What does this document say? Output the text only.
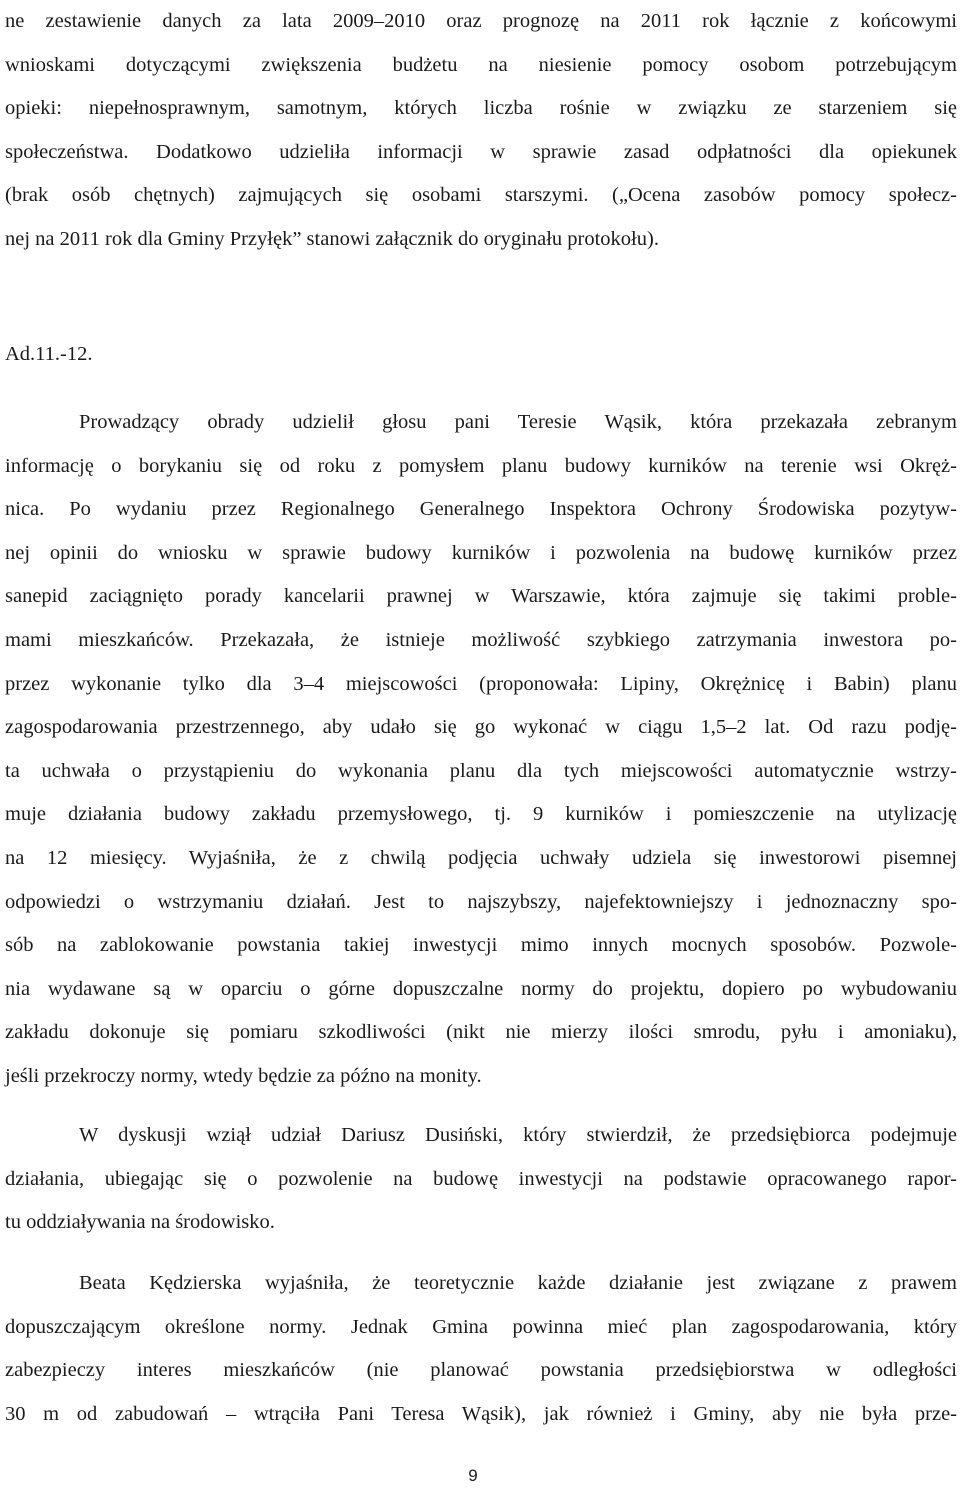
ne zestawienie danych za lata 2009–2010 oraz prognozę na 2011 rok łącznie z końcowymi
wnioskami dotyczącymi zwiększenia budżetu na niesienie pomocy osobom potrzebującym
opieki: niepełnosprawnym, samotnym, których liczba rośnie w związku ze starzeniem się
społeczeństwa. Dodatkowo udzieliła informacji w sprawie zasad odpłatności dla opiekunek
(brak osób chętnych) zajmujących się osobami starszymi. („Ocena zasobów pomocy społecz-
nej na 2011 rok dla Gminy Przyłęk” stanowi załącznik do oryginału protokołu).
Ad.11.-12.
Prowadzący obrady udzielił głosu pani Teresie Wąsik, która przekazała zebranym
informację o borykaniu się od roku z pomysłem planu budowy kurników na terenie wsi Okręż-
nica. Po wydaniu przez Regionalnego Generalnego Inspektora Ochrony Środowiska pozytyw-
nej opinii do wniosku w sprawie budowy kurników i pozwolenia na budowę kurników przez
sanepid zaciągnięto porady kancelarii prawnej w Warszawie, która zajmuje się takimi proble-
mami mieszkańców. Przekazała, że istnieje możliwość szybkiego zatrzymania inwestora po-
przez wykonanie tylko dla 3–4 miejscowości (proponowała: Lipiny, Okrężnicę i Babin) planu
zagospodarowania przestrzennego, aby udało się go wykonać w ciągu 1,5–2 lat. Od razu podję-
ta uchwała o przystąpieniu do wykonania planu dla tych miejscowości automatycznie wstrzy-
muje działania budowy zakładu przemysłowego, tj. 9 kurników i pomieszczenie na utylizację
na 12 miesięcy. Wyjaśniła, że z chwilą podjęcia uchwały udziela się inwestorowi pisemnej
odpowiedzi o wstrzymaniu działań. Jest to najszybszy, najefektowniejszy i jednoznaczny spo-
sób na zablokowanie powstania takiej inwestycji mimo innych mocnych sposobów. Pozwole-
nia wydawane są w oparciu o górne dopuszczalne normy do projektu, dopiero po wybudowaniu
zakładu dokonuje się pomiaru szkodliwości (nikt nie mierzy ilości smrodu, pyłu i amoniaku),
jeśli przekroczy normy, wtedy będzie za późno na monity.
W dyskusji wziął udział Dariusz Dusiński, który stwierdził, że przedsiębiorca podejmuje
działania, ubiegając się o pozwolenie na budowę inwestycji na podstawie opracowanego rapor-
tu oddziaływania na środowisko.
Beata Kędzierska wyjaśniła, że teoretycznie każde działanie jest związane z prawem
dopuszczającym określone normy. Jednak Gmina powinna mieć plan zagospodarowania, który
zabezpieczy interes mieszkańców (nie planować powstania przedsiębiorstwa w odległości
30 m od zabudowań – wtrąciła Pani Teresa Wąsik), jak również i Gminy, aby nie była prze-
9
